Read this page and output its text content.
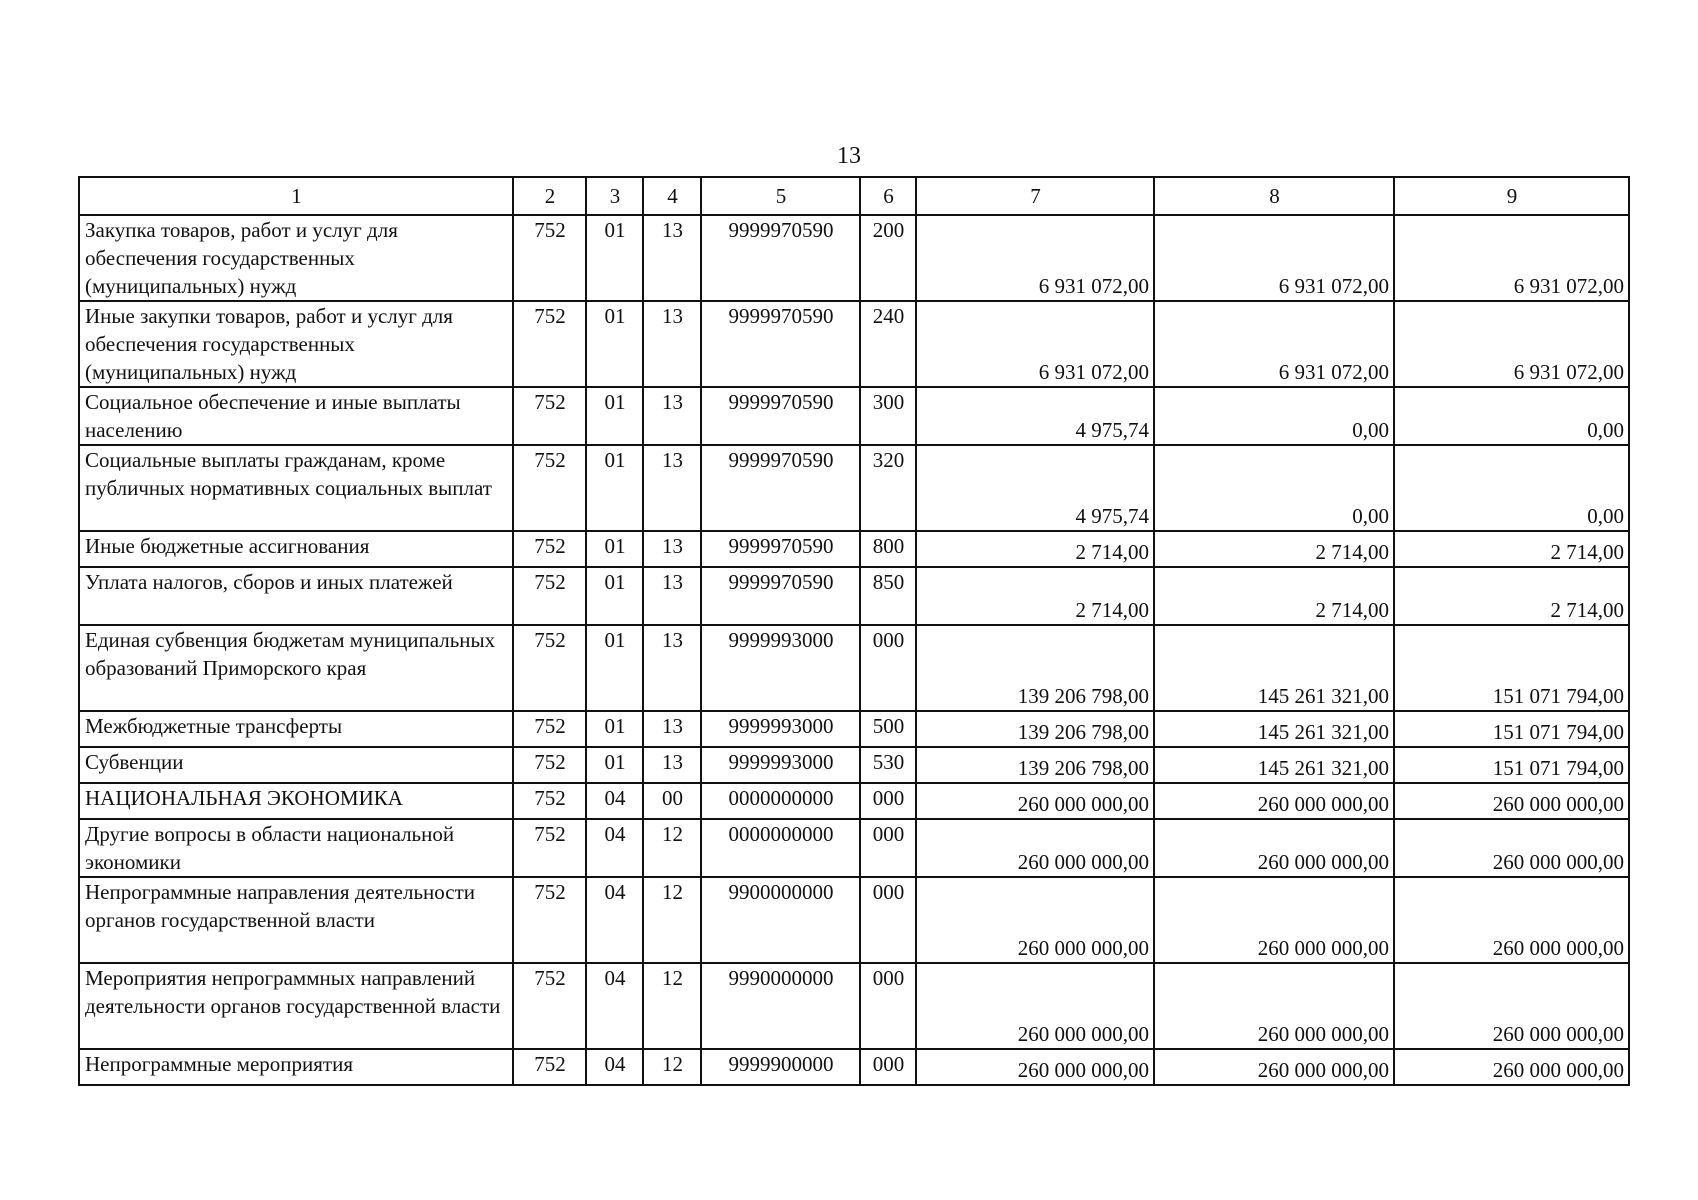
13
1	2	3	4	5	6	7	8	9
Закупка товаров, работ и услуг для обеспечения государственных (муниципальных) нужд	752	01	13	9999970590	200	6 931 072,00	6 931 072,00	6 931 072,00
Иные закупки товаров, работ и услуг для обеспечения государственных (муниципальных) нужд	752	01	13	9999970590	240	6 931 072,00	6 931 072,00	6 931 072,00
Социальное обеспечение и иные выплаты населению	752	01	13	9999970590	300	4 975,74	0,00	0,00
Социальные выплаты гражданам, кроме публичных нормативных социальных выплат	752	01	13	9999970590	320	4 975,74	0,00	0,00
Иные бюджетные ассигнования	752	01	13	9999970590	800	2 714,00	2 714,00	2 714,00
Уплата налогов, сборов и иных платежей	752	01	13	9999970590	850	2 714,00	2 714,00	2 714,00
Единая субвенция бюджетам муниципальных образований Приморского края	752	01	13	9999993000	000	139 206 798,00	145 261 321,00	151 071 794,00
Межбюджетные трансферты	752	01	13	9999993000	500	139 206 798,00	145 261 321,00	151 071 794,00
Субвенции	752	01	13	9999993000	530	139 206 798,00	145 261 321,00	151 071 794,00
НАЦИОНАЛЬНАЯ ЭКОНОМИКА	752	04	00	0000000000	000	260 000 000,00	260 000 000,00	260 000 000,00
Другие вопросы в области национальной экономики	752	04	12	0000000000	000	260 000 000,00	260 000 000,00	260 000 000,00
Непрограммные направления деятельности органов государственной власти	752	04	12	9900000000	000	260 000 000,00	260 000 000,00	260 000 000,00
Мероприятия непрограммных направлений деятельности органов государственной власти	752	04	12	9990000000	000	260 000 000,00	260 000 000,00	260 000 000,00
Непрограммные мероприятия	752	04	12	9999900000	000	260 000 000,00	260 000 000,00	260 000 000,00
